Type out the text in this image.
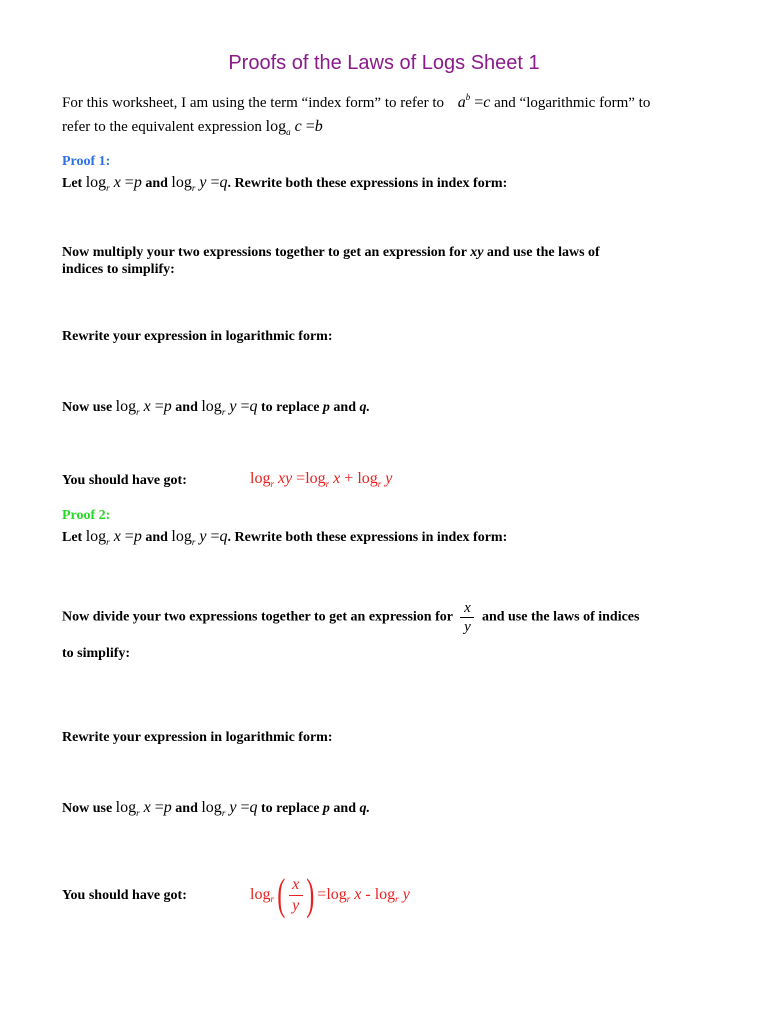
Proofs of the Laws of Logs Sheet 1
For this worksheet, I am using the term “index form” to refer to $a^b =c$ and “logarithmic form” to
refer to the equivalent expression $\log_a c =b$
Proof 1:
Let $\log_r x =p$ and $\log_r y =q$. Rewrite both these expressions in index form:
Now multiply your two expressions together to get an expression for xy and use the laws of
indices to simplify:
Rewrite your expression in logarithmic form:
Now use $\log_r x =p$ and $\log_r y =q$ to replace p and q.
You should have got:	$\log_r$ xy $=\log_r$ $x + \log_r y$
Proof 2:
Let $\log_r x =p$ and $\log_r y =q$. Rewrite both these expressions in index form:
Now divide your two expressions together to get an expression for $\frac{x}{y}$ and use the laws of indices
to simplify:
Rewrite your expression in logarithmic form:
Now use $\log_r x =p$ and $\log_r y =q$ to replace p and q.
You should have got:	log r ( $\frac{x}{y}$ ) = log r
x
-
log r
y
